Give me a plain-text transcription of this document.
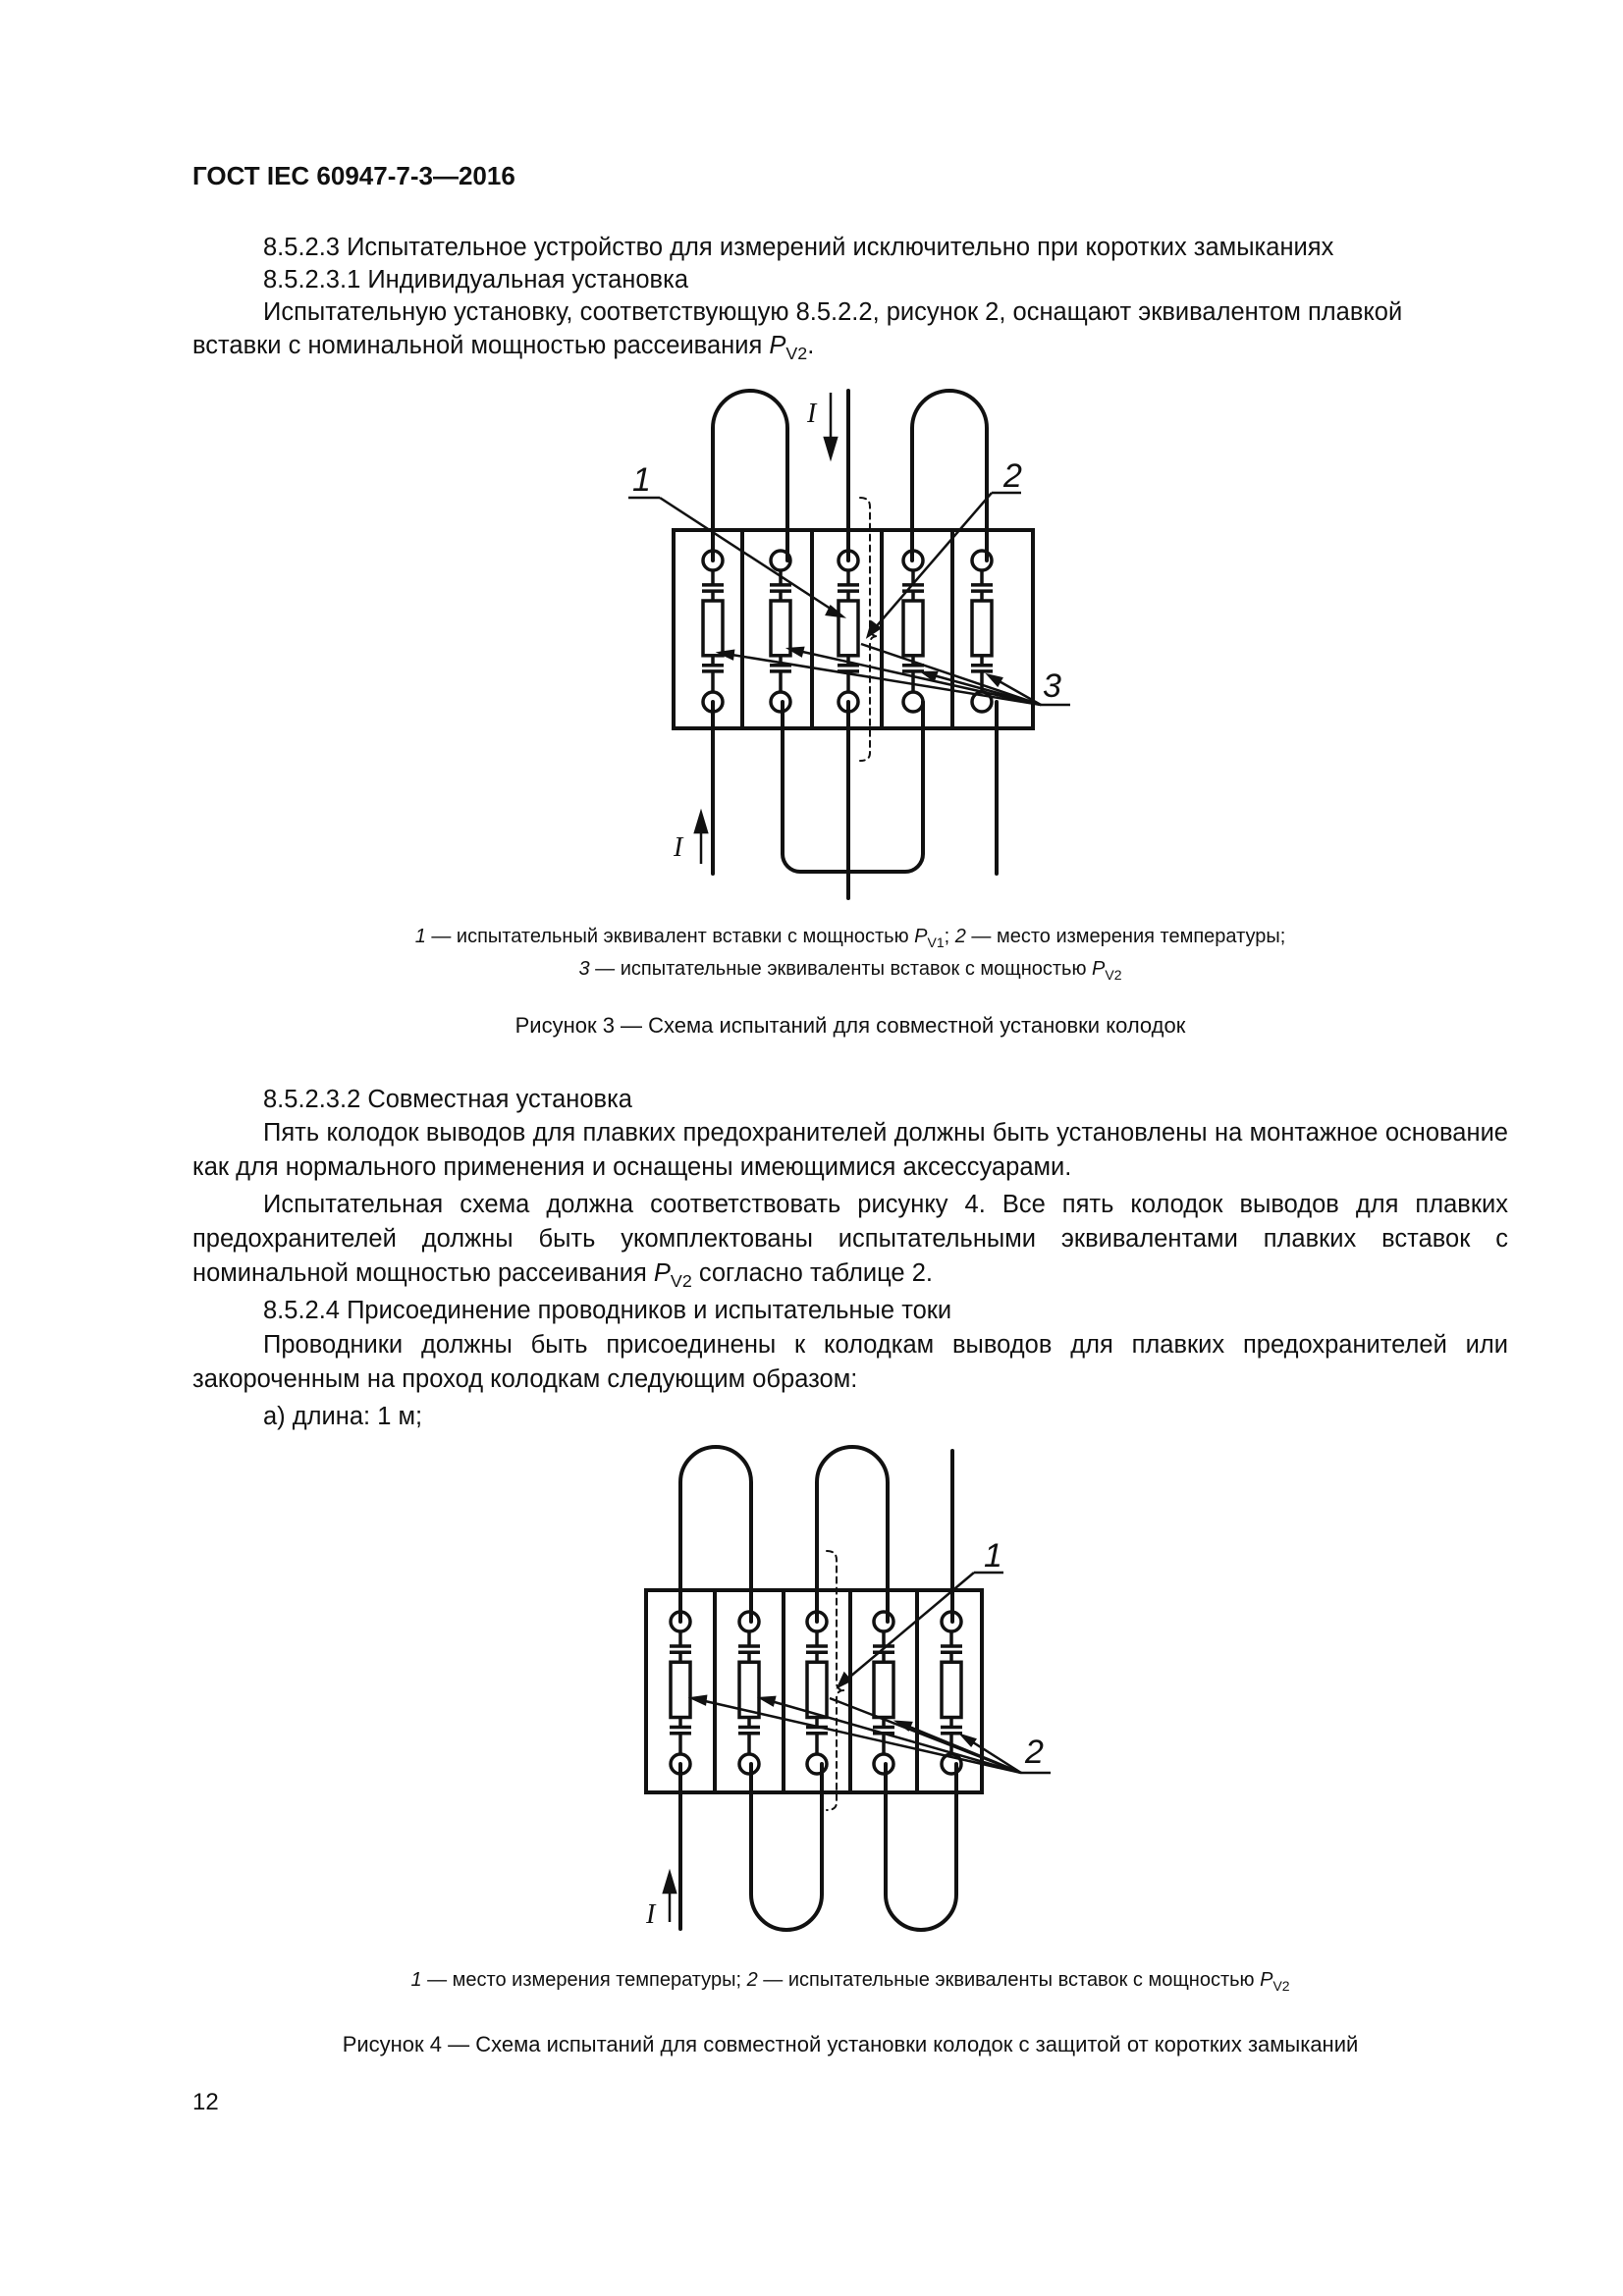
ГОСТ IEC 60947-7-3—2016
8.5.2.3 Испытательное устройство для измерений исключительно при коротких замыканиях
8.5.2.3.1 Индивидуальная установка
Испытательную установку, соответствующую 8.5.2.2, рисунок 2, оснащают эквивалентом плавкой
вставки с номинальной мощностью рассеивания $P_{V2}$.
I
I
1	2
3
1 — испытательный эквивалент вставки с мощностью $P_{V1}$; 2 — место измерения температуры;
3 — испытательные эквиваленты вставок с мощностью $P_{V2}$
Рисунок 3 — Схема испытаний для совместной установки колодок
8.5.2.3.2 Совместная установка
Пять колодок выводов для плавких предохранителей должны быть установлены на монтажное основание как для нормального применения и оснащены имеющимися аксессуарами.
Испытательная схема должна соответствовать рисунку 4. Все пять колодок выводов для плавких предохранителей должны быть укомплектованы испытательными эквивалентами плавких вставок с номинальной мощностью рассеивания $P_{V2}$ согласно таблице 2.
8.5.2.4 Присоединение проводников и испытательные токи
Проводники должны быть присоединены к колодкам выводов для плавких предохранителей или закороченным на проход колодкам следующим образом:
a) длина: 1 м;
I
1
2
1 — место измерения температуры; 2 — испытательные эквиваленты вставок с мощностью $P_{V2}$
Рисунок 4 — Схема испытаний для совместной установки колодок с защитой от коротких замыканий
12
